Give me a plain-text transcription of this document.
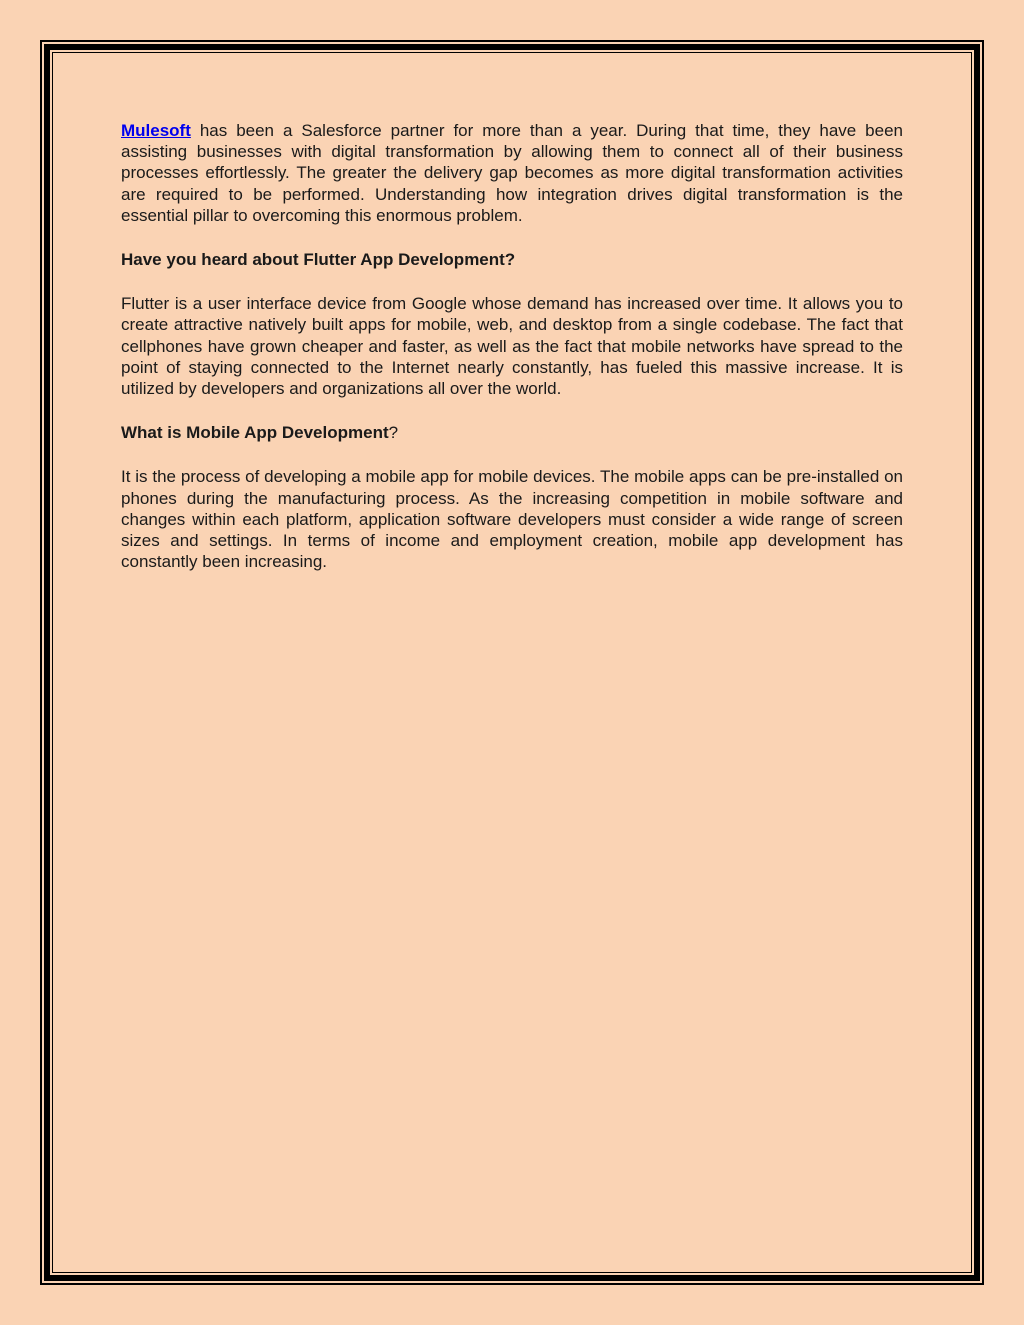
Mulesoft has been a Salesforce partner for more than a year. During that time, they have been assisting businesses with digital transformation by allowing them to connect all of their business processes effortlessly. The greater the delivery gap becomes as more digital transformation activities are required to be performed. Understanding how integration drives digital transformation is the essential pillar to overcoming this enormous problem.

Have you heard about Flutter App Development?

Flutter is a user interface device from Google whose demand has increased over time. It allows you to create attractive natively built apps for mobile, web, and desktop from a single codebase. The fact that cellphones have grown cheaper and faster, as well as the fact that mobile networks have spread to the point of staying connected to the Internet nearly constantly, has fueled this massive increase. It is utilized by developers and organizations all over the world.

What is Mobile App Development?

It is the process of developing a mobile app for mobile devices. The mobile apps can be pre-installed on phones during the manufacturing process. As the increasing competition in mobile software and changes within each platform, application software developers must consider a wide range of screen sizes and settings. In terms of income and employment creation, mobile app development has constantly been increasing.
